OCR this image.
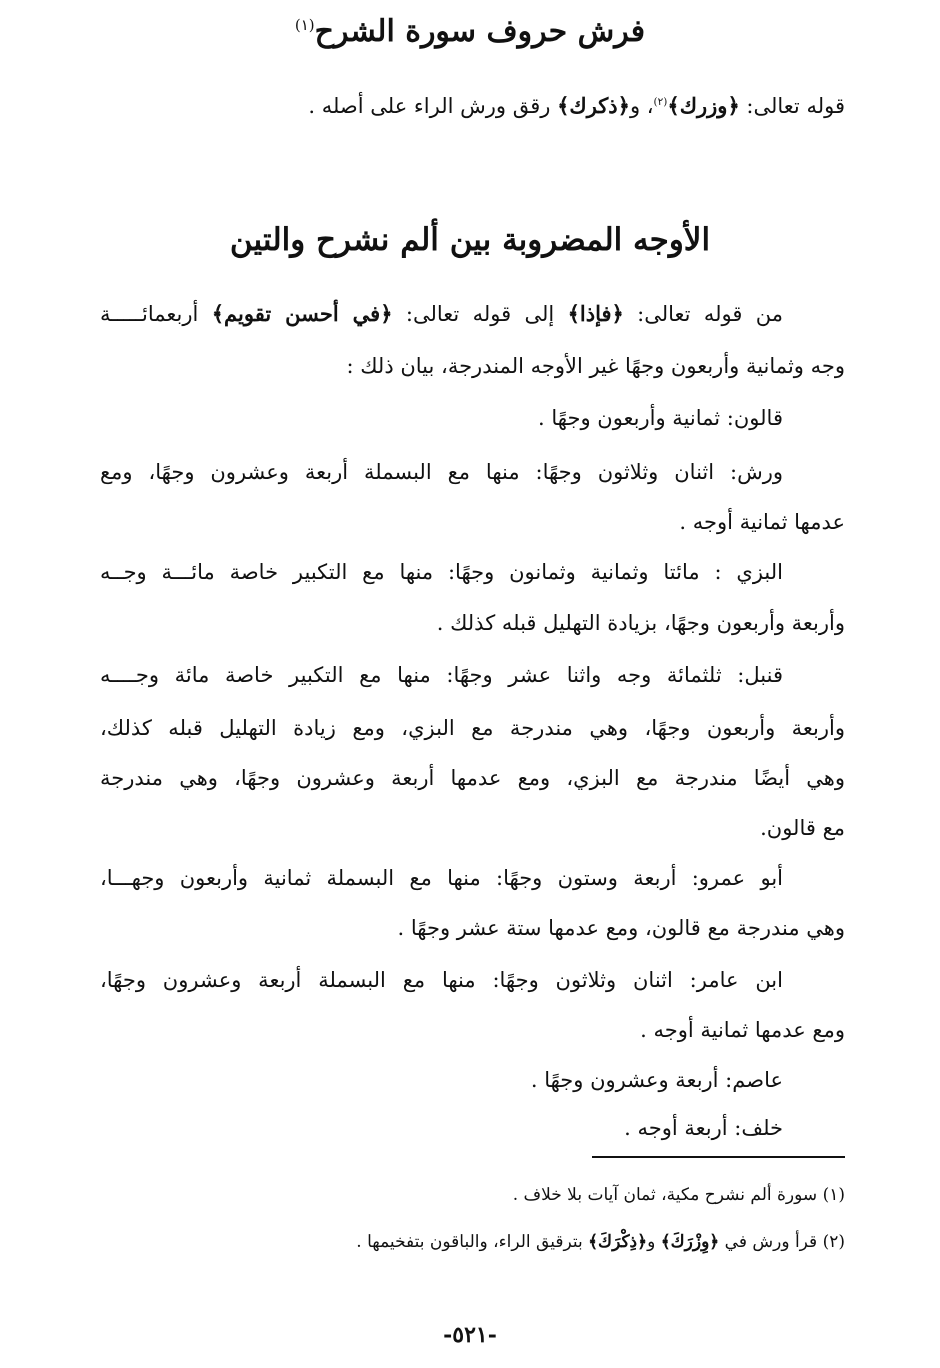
فرش حروف سورة الشرح$^{(١)}$

قوله تعالى: ﴿وزرك﴾$^{(٢)}$، و﴿ذكرك﴾ رقق ورش الراء على أصله .

الأوجه المضروبة بين ألم نشرح والتين

من قوله تعالى: ﴿فإذا﴾ إلى قوله تعالى: ﴿في أحسن تقويم﴾ أربعمائـــــة

وجه وثمانية وأربعون وجهًا غير الأوجه المندرجة، بيان ذلك :

قالون: ثمانية وأربعون وجهًا .

ورش: اثنان وثلاثون وجهًا: منها مع البسملة أربعة وعشرون وجهًا، ومع

عدمها ثمانية أوجه .

البزي : مائتا وثمانية وثمانون وجهًا: منها مع التكبير خاصة مائـــة وجــه

وأربعة وأربعون وجهًا، بزيادة التهليل قبله كذلك .

قنبل: ثلثمائة وجه واثنا عشر وجهًا: منها مع التكبير خاصة مائة وجــــه

وأربعة وأربعون وجهًا، وهي مندرجة مع البزي، ومع زيادة التهليل قبله كذلك،

وهي أيضًا مندرجة مع البزي، ومع عدمها أربعة وعشرون وجهًا، وهي مندرجة

مع قالون.

أبو عمرو: أربعة وستون وجهًا: منها مع البسملة ثمانية وأربعون وجهـــا،

وهي مندرجة مع قالون، ومع عدمها ستة عشر وجهًا .

ابن عامر: اثنان وثلاثون وجهًا: منها مع البسملة أربعة وعشرون وجهًا،

ومع عدمها ثمانية أوجه .

عاصم: أربعة وعشرون وجهًا .

خلف: أربعة أوجه .

(١) سورة ألم نشرح مكية، ثمان آيات بلا خلاف .

(٢) قرأ ورش في ﴿وِزْرَكَ﴾ و﴿ذِكْرَكَ﴾ بترقيق الراء، والباقون بتفخيمها .

-٥٢١-
